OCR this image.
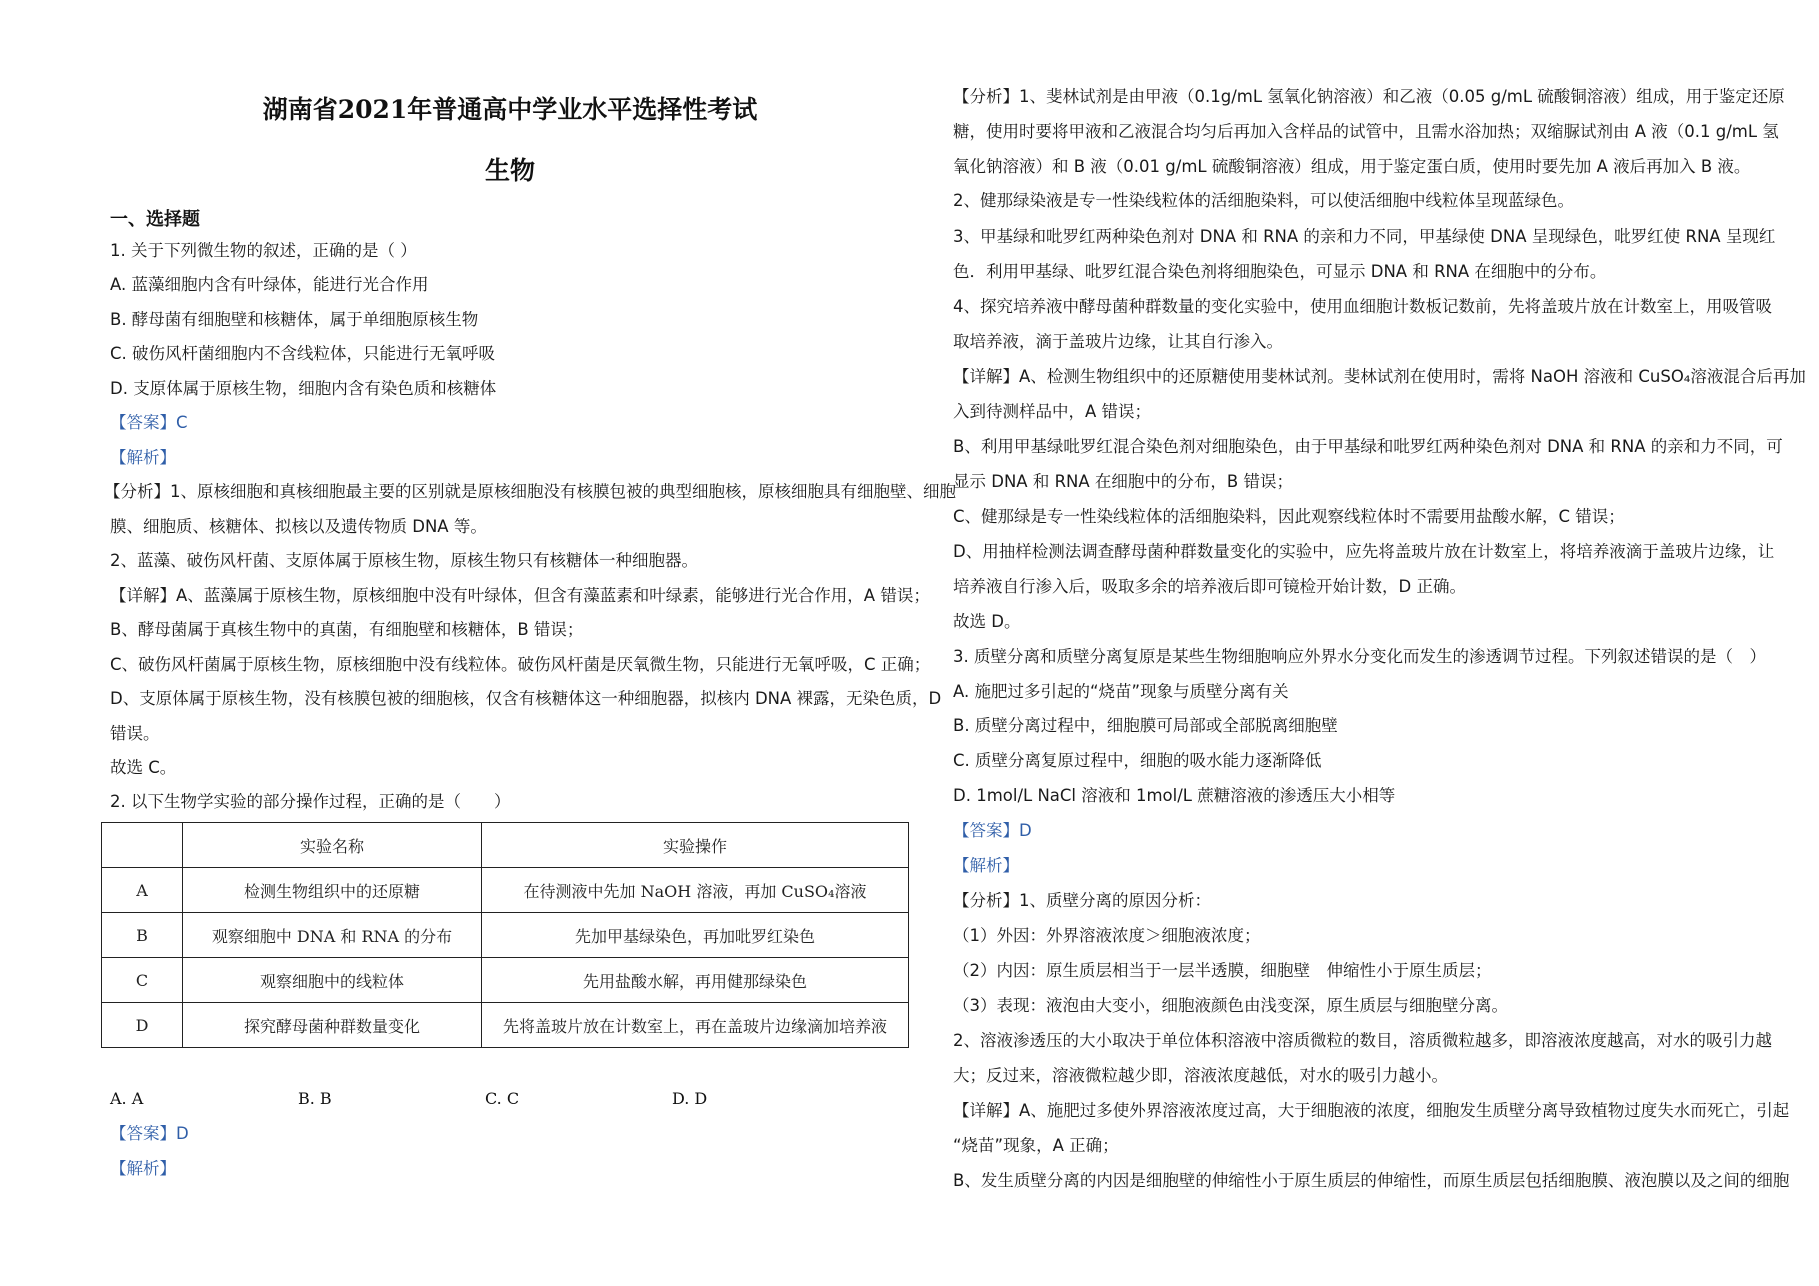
湖南省2021年普通高中学业水平选择性考试
生物
一、选择题
1. 关于下列微生物的叙述，正确的是（ ）
A. 蓝藻细胞内含有叶绿体，能进行光合作用
B. 酵母菌有细胞壁和核糖体，属于单细胞原核生物
C. 破伤风杆菌细胞内不含线粒体，只能进行无氧呼吸
D. 支原体属于原核生物，细胞内含有染色质和核糖体
【答案】C
【解析】
【分析】1、原核细胞和真核细胞最主要的区别就是原核细胞没有核膜包被的典型细胞核，原核细胞具有细胞壁、细胞
膜、细胞质、核糖体、拟核以及遗传物质 DNA 等。
2、蓝藻、破伤风杆菌、支原体属于原核生物，原核生物只有核糖体一种细胞器。
【详解】A、蓝藻属于原核生物，原核细胞中没有叶绿体，但含有藻蓝素和叶绿素，能够进行光合作用，A 错误；
B、酵母菌属于真核生物中的真菌，有细胞壁和核糖体，B 错误；
C、破伤风杆菌属于原核生物，原核细胞中没有线粒体。破伤风杆菌是厌氧微生物，只能进行无氧呼吸，C 正确；
D、支原体属于原核生物，没有核膜包被的细胞核，仅含有核糖体这一种细胞器，拟核内 DNA 裸露，无染色质，D
错误。
故选 C。
2. 以下生物学实验的部分操作过程，正确的是（　　）
	实验名称	实验操作
A	检测生物组织中的还原糖	在待测液中先加 NaOH 溶液，再加 CuSO₄溶液
B	观察细胞中 DNA 和 RNA 的分布	先加甲基绿染色，再加吡罗红染色
C	观察细胞中的线粒体	先用盐酸水解，再用健那绿染色
D	探究酵母菌种群数量变化	先将盖玻片放在计数室上，再在盖玻片边缘滴加培养液
A. A	B. B	C. C	D. D
【答案】D
【解析】
【分析】1、斐林试剂是由甲液（0.1g/mL 氢氧化钠溶液）和乙液（0.05 g/mL 硫酸铜溶液）组成，用于鉴定还原
糖，使用时要将甲液和乙液混合均匀后再加入含样品的试管中，且需水浴加热；双缩脲试剂由 A 液（0.1 g/mL 氢
氧化钠溶液）和 B 液（0.01 g/mL 硫酸铜溶液）组成，用于鉴定蛋白质，使用时要先加 A 液后再加入 B 液。
2、健那绿染液是专一性染线粒体的活细胞染料，可以使活细胞中线粒体呈现蓝绿色。
3、甲基绿和吡罗红两种染色剂对 DNA 和 RNA 的亲和力不同，甲基绿使 DNA 呈现绿色，吡罗红使 RNA 呈现红
色．利用甲基绿、吡罗红混合染色剂将细胞染色，可显示 DNA 和 RNA 在细胞中的分布。
4、探究培养液中酵母菌种群数量的变化实验中，使用血细胞计数板记数前，先将盖玻片放在计数室上，用吸管吸
取培养液，滴于盖玻片边缘，让其自行渗入。
【详解】A、检测生物组织中的还原糖使用斐林试剂。斐林试剂在使用时，需将 NaOH 溶液和 CuSO₄溶液混合后再加
入到待测样品中，A 错误；
B、利用甲基绿吡罗红混合染色剂对细胞染色，由于甲基绿和吡罗红两种染色剂对 DNA 和 RNA 的亲和力不同，可
显示 DNA 和 RNA 在细胞中的分布，B 错误；
C、健那绿是专一性染线粒体的活细胞染料，因此观察线粒体时不需要用盐酸水解，C 错误；
D、用抽样检测法调查酵母菌种群数量变化的实验中，应先将盖玻片放在计数室上，将培养液滴于盖玻片边缘，让
培养液自行渗入后，吸取多余的培养液后即可镜检开始计数，D 正确。
故选 D。
3. 质壁分离和质壁分离复原是某些生物细胞响应外界水分变化而发生的渗透调节过程。下列叙述错误的是（　）
A. 施肥过多引起的“烧苗”现象与质壁分离有关
B. 质壁分离过程中，细胞膜可局部或全部脱离细胞壁
C. 质壁分离复原过程中，细胞的吸水能力逐渐降低
D. 1mol/L NaCl 溶液和 1mol/L 蔗糖溶液的渗透压大小相等
【答案】D
【解析】
【分析】1、质壁分离的原因分析：
（1）外因：外界溶液浓度＞细胞液浓度；
（2）内因：原生质层相当于一层半透膜，细胞壁　伸缩性小于原生质层；
（3）表现：液泡由大变小，细胞液颜色由浅变深，原生质层与细胞壁分离。
2、溶液渗透压的大小取决于单位体积溶液中溶质微粒的数目，溶质微粒越多，即溶液浓度越高，对水的吸引力越
大；反过来，溶液微粒越少即，溶液浓度越低，对水的吸引力越小。
【详解】A、施肥过多使外界溶液浓度过高，大于细胞液的浓度，细胞发生质壁分离导致植物过度失水而死亡，引起
“烧苗”现象，A 正确；
B、发生质壁分离的内因是细胞壁的伸缩性小于原生质层的伸缩性，而原生质层包括细胞膜、液泡膜以及之间的细胞
